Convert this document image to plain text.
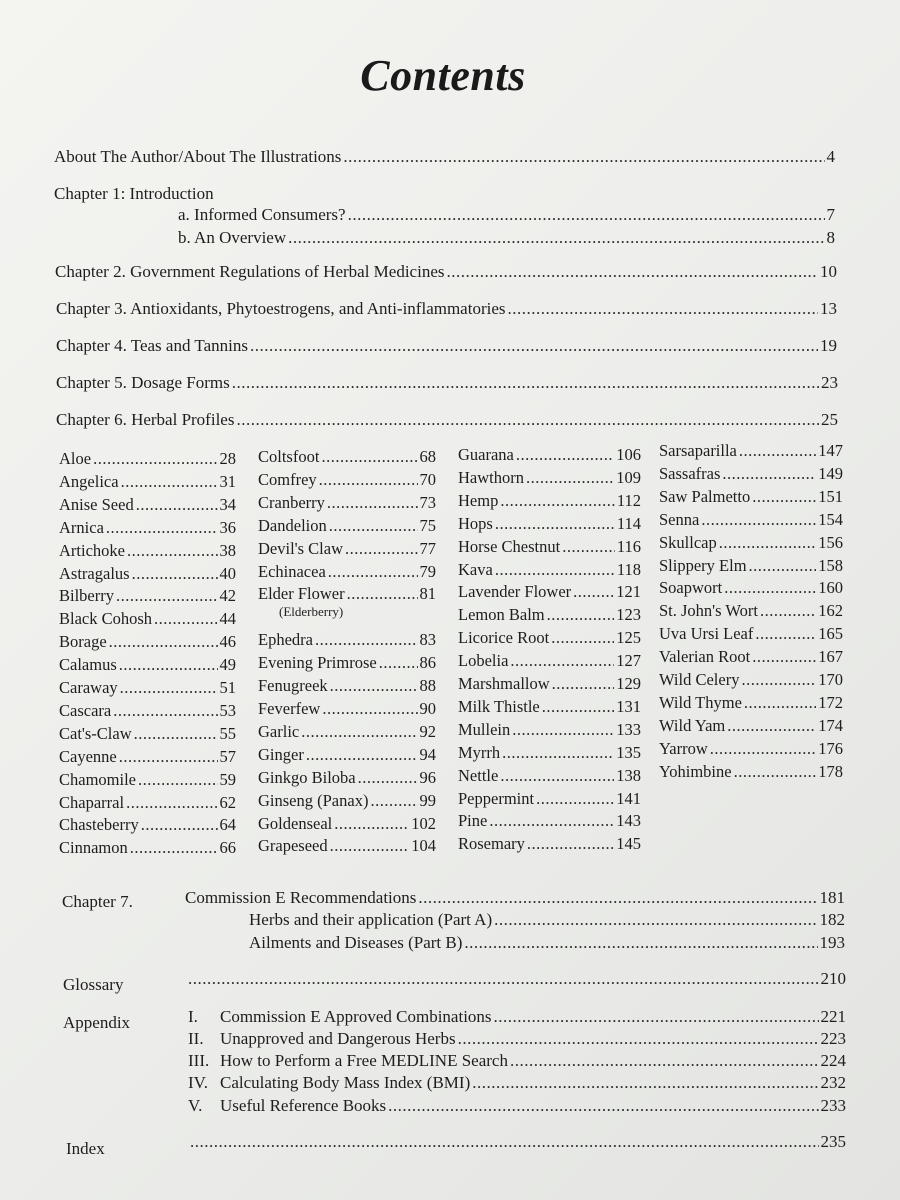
Contents
About The Author/About The Illustrations .....	4
Chapter 1: Introduction
a. Informed Consumers? .....	7
b. An Overview .....	8
Chapter 2. Government Regulations of Herbal Medicines .....	10
Chapter 3. Antioxidants, Phytoestrogens, and Anti-inflammatories .....	13
Chapter 4. Teas and Tannins .....	19
Chapter 5. Dosage Forms .....	23
Chapter 6. Herbal Profiles .....	25
Aloe .....	28
Angelica .....	31
Anise Seed .....	34
Arnica .....	36
Artichoke .....	38
Astragalus .....	40
Bilberry .....	42
Black Cohosh .....	44
Borage .....	46
Calamus .....	49
Caraway .....	51
Cascara .....	53
Cat's-Claw .....	55
Cayenne .....	57
Chamomile .....	59
Chaparral .....	62
Chasteberry .....	64
Cinnamon .....	66
Coltsfoot .....	68
Comfrey .....	70
Cranberry .....	73
Dandelion .....	75
Devil's Claw .....	77
Echinacea .....	79
Elder Flower .....	81
Ephedra .....	83
Evening Primrose .....	86
Fenugreek .....	88
Feverfew .....	90
Garlic .....	92
Ginger .....	94
Ginkgo Biloba .....	96
Ginseng (Panax) .....	99
Goldenseal .....	102
Grapeseed .....	104
Guarana .....	106
Hawthorn .....	109
Hemp .....	112
Hops .....	114
Horse Chestnut .....	116
Kava .....	118
Lavender Flower .....	121
Lemon Balm .....	123
Licorice Root .....	125
Lobelia .....	127
Marshmallow .....	129
Milk Thistle .....	131
Mullein .....	133
Myrrh .....	135
Nettle .....	138
Peppermint .....	141
Pine .....	143
Rosemary .....	145
Sarsaparilla .....	147
Sassafras .....	149
Saw Palmetto .....	151
Senna .....	154
Skullcap .....	156
Slippery Elm .....	158
Soapwort .....	160
St. John's Wort .....	162
Uva Ursi Leaf .....	165
Valerian Root .....	167
Wild Celery .....	170
Wild Thyme .....	172
Wild Yam .....	174
Yarrow .....	176
Yohimbine .....	178
(Elderberry)
Chapter 7.	Commission E Recommendations .....	181
Herbs and their application (Part A) .....	182
Ailments and Diseases (Part B) .....	193
Glossary .....	210
Appendix	I.	Commission E Approved Combinations .....	221
II. Unapproved and Dangerous Herbs .....	223
III. How to Perform a Free MEDLINE Search .....	224
IV. Calculating Body Mass Index (BMI) .....	232
V.	Useful Reference Books .....	233
Index .....	235
